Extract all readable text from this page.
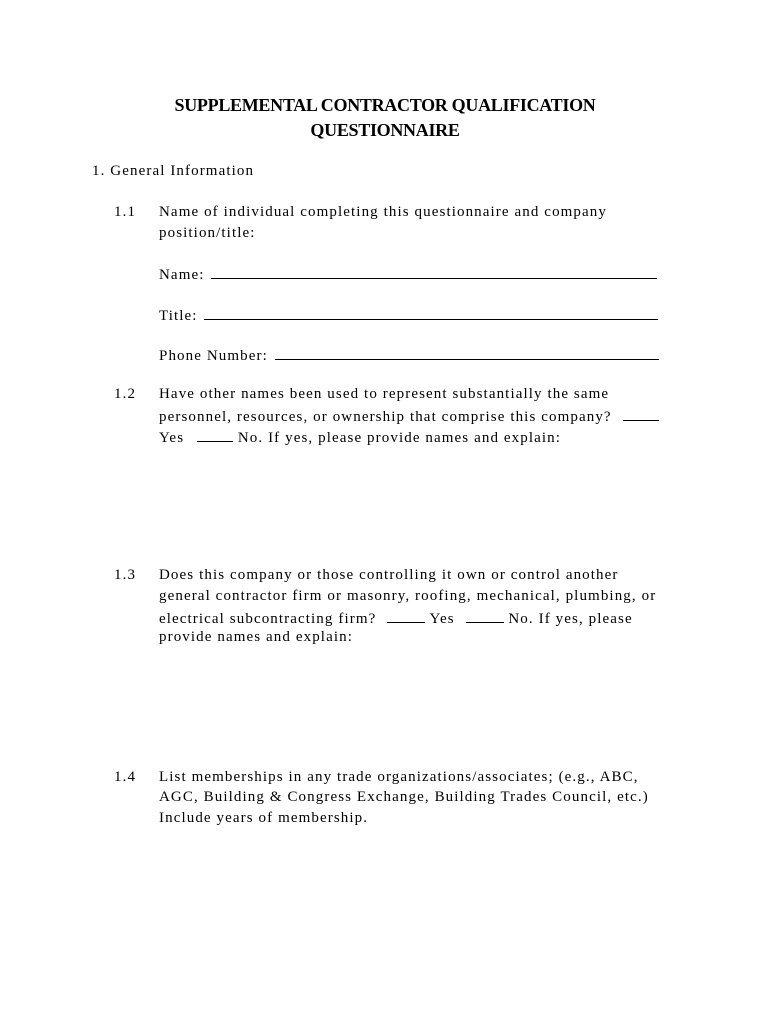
SUPPLEMENTAL CONTRACTOR QUALIFICATION
QUESTIONNAIRE
1. General Information
1.1 Name of individual completing this questionnaire and company
position/title:
Name:
Title:
Phone Number:
1.2 Have other names been used to represent substantially the same
personnel, resources, or ownership that comprise this company?
Yes	No. If yes, please provide names and explain:
1.3 Does this company or those controlling it own or control another
general contractor firm or masonry, roofing, mechanical, plumbing, or
electrical subcontracting firm?	Yes	No. If yes, please
provide names and explain:
1.4 List memberships in any trade organizations/associates; (e.g., ABC,
AGC, Building & Congress Exchange, Building Trades Council, etc.)
Include years of membership.
